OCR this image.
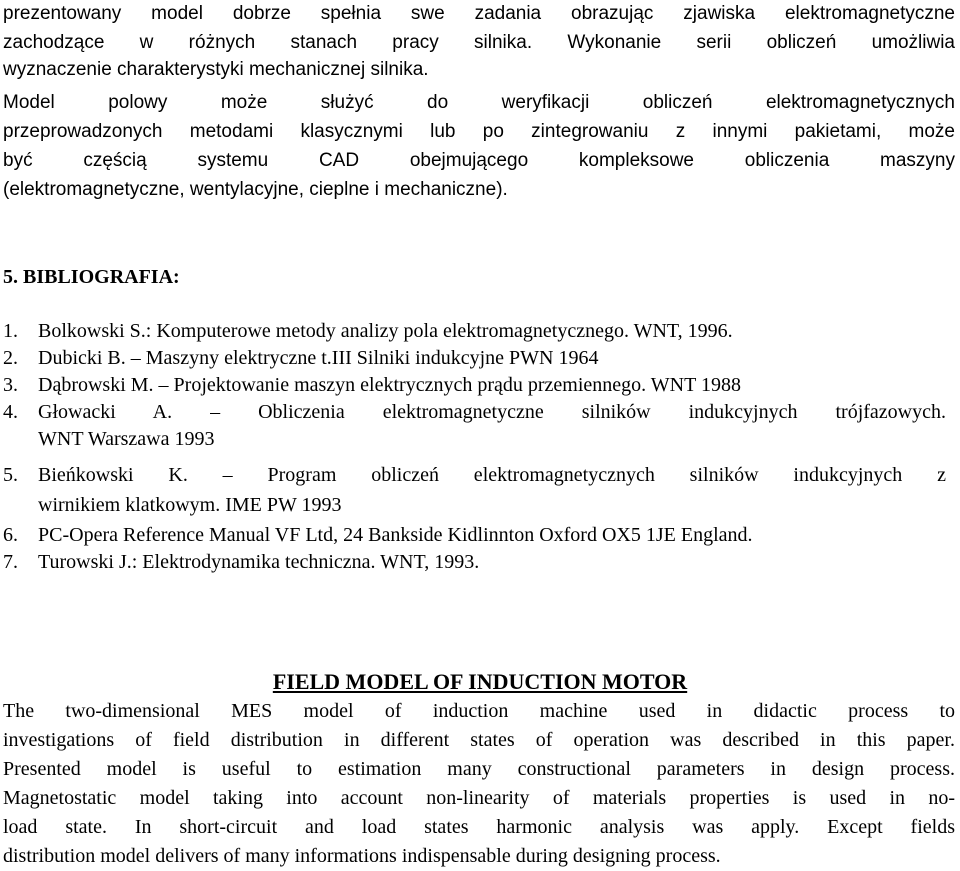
prezentowany model dobrze spełnia swe zadania obrazując zjawiska elektromagnetyczne
zachodzące w różnych stanach pracy silnika. Wykonanie serii obliczeń umożliwia
wyznaczenie charakterystyki mechanicznej silnika.
Model polowy może służyć do weryfikacji obliczeń elektromagnetycznych
przeprowadzonych metodami klasycznymi lub po zintegrowaniu z innymi pakietami, może
być częścią systemu CAD obejmującego kompleksowe obliczenia maszyny
(elektromagnetyczne, wentylacyjne, cieplne i mechaniczne).
5. BIBLIOGRAFIA:
1.	Bolkowski S.: Komputerowe metody analizy pola elektromagnetycznego. WNT, 1996.
2.	Dubicki B. – Maszyny elektryczne t.III Silniki indukcyjne PWN 1964
3.	Dąbrowski M. – Projektowanie maszyn elektrycznych prądu przemiennego. WNT 1988
4.	Głowacki A. – Obliczenia elektromagnetyczne silników indukcyjnych trójfazowych.
WNT Warszawa 1993
5.	Bieńkowski K. – Program obliczeń elektromagnetycznych silników indukcyjnych z
wirnikiem klatkowym. IME PW 1993
6.	PC-Opera Reference Manual VF Ltd, 24 Bankside Kidlinnton Oxford OX5 1JE England.
7.	Turowski J.: Elektrodynamika techniczna. WNT, 1993.
FIELD MODEL OF INDUCTION MOTOR
The two-dimensional MES model of induction machine used in didactic process to
investigations of field distribution in different states of operation was described in this paper.
Presented model is useful to estimation many constructional parameters in design process.
Magnetostatic model taking into account non-linearity of materials properties is used in no-
load state. In short-circuit and load states harmonic analysis was apply. Except fields
distribution model delivers of many informations indispensable during designing process.
